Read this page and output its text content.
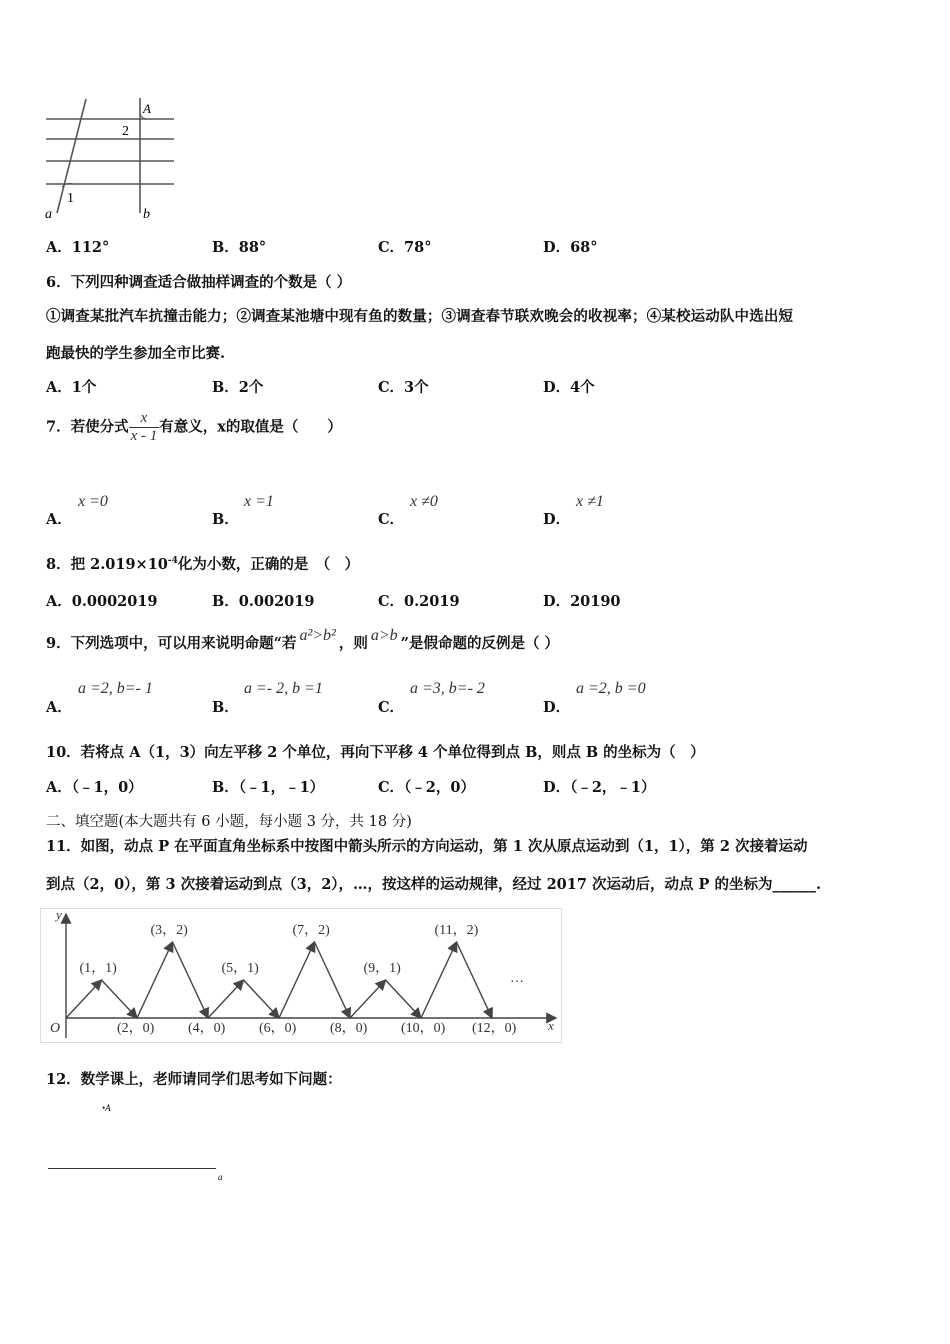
A
2
1
a	b
A．112°	B．88°	C．78°	D．68°
6．下列四种调查适合做抽样调查的个数是（ ）
①调查某批汽车抗撞击能力；②调查某池塘中现有鱼的数量；③调查春节联欢晚会的收视率；④某校运动队中选出短
跑最快的学生参加全市比赛.
A．1个	B．2个	C．3个	D．4个
7．若使分式 $\frac{x}{x - 1}$ 有意义，x的取值是（　　）
A．
x =0
B．
x =1
C．
x ≠0
D．
x ≠1
8．把 $2.019\times 10^{-4}$化为小数，正确的是　（　）
A．0.0002019	B．0.002019	C．0.2019	D．20190
9．下列选项中，可以用来说明命题“若 a²>b² ，则 a>b ”是假命题的反例是（ ）
A．
a =2, b=- 1
B．
a =- 2, b =1
C．
a =3, b=- 2
D．
a =2, b =0
10．若将点 A（1，3）向左平移 2 个单位，再向下平移 4 个单位得到点 B，则点 B 的坐标为（　）
A．（﹣1，0）	B．（﹣1，﹣1）	C．（﹣2，0）	D．（﹣2，﹣1）
二、填空题(本大题共有 6 小题，每小题 3 分，共 18 分)
11．如图，动点 P 在平面直角坐标系中按图中箭头所示的方向运动，第 1 次从原点运动到（1，1），第 2 次接着运动
到点（2，0），第 3 次接着运动到点（3，2），…，按这样的运动规律，经过 2017 次运动后，动点 P 的坐标为______.
y
x
O
(1，1)
(3，2)
(5，1)
(7，2)
(9，1)
(11，2)
(2，0) (4，0) (6，0) (8，0) (10，0) (12，0)
…
12．数学课上，老师请同学们思考如下问题：
•A
a
